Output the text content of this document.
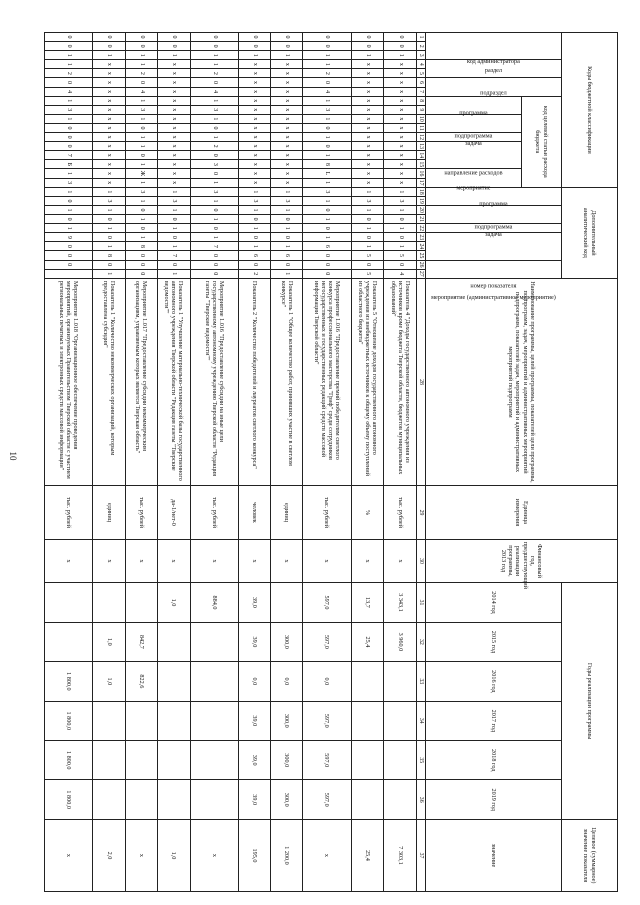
10
Коды бюджетной классификации																	Дополнительный аналитический код										Наименование программы, целей программы, показателей цели программы, подпрограмм, задач, мероприятий и административных мероприятий подпрограмм, показателей задач, мероприятий и административных мероприятий подпрограмм	Единица измерения	Финансовый год, предшествующий реализации программы, 2013 год	Годы реализации программы						Целевое (суммарное) значение показателя
код администратора			раздел		подраздел		код целевой статьи расхода бюджета										программа		подпрограмма		задача	мероприятие (административное мероприятие)			номер показателя					2014 год	2015 год	2016 год	2017 год	2018 год	2019 год	значение
							программа		подпрограмма		задача	направление расходов			мероприятие																					
1	2	3	4	5	6	7	8	9	10	11	12	13	14	15	16	17	18	19	20	21	22	23	24	25	26	27	28	29	30	31	32	33	34	35	36	37
0	0	1	x	x	x	x	x	x	x	x	x	x	x	x	x	x	1	3	1	0	1	0	1	5	0	4	Показатель 4 "Доходы государственного автономного учреждения из источников кроме бюджета Тверской области, бюджетов муниципальных образований"	тыс. рублей	x	3 343,1	3 960,0					7 303,1
0	0	1	x	x	x	x	x	x	x	x	x	x	x	x	x	x	1	3	1	0	1	0	1	5	0	5	Показатель 5 "Отношение доходов государственного автономного учреждения из внебюджетных источников к общему объему поступлений из областного бюджета"	%	x	13,7	25,4					25,4
0	0	1	1	2	0	4	1	3	1	0	1	0	1	8	L	1	3	1	0	1	0	1	6	0	0	0	Мероприятие 1.016 "Предоставление премий победителям светлого конкурса профессионального мастерства "Гриф" среди сотрудников негосударственных и государственных редакций средств массовой информации Тверской области"	тыс. рублей	x	597,0	597,0	0,0	597,0	597,0	597,0	x
0	0	1	x	x	x	x	x	x	x	x	x	x	x	x	x	x	1	3	1	0	1	0	1	6	0	1	Показатель 1 "Общее количество работ, принявших участие в светлом конкурсе"	единиц	x		300,0	0,0	300,0	300,0	300,0	1 200,0
0	0	1	x	x	x	x	x	x	x	x	x	x	x	x	x	x	1	3	1	0	1	0	1	6	0	2	Показатель 2 "Количество победителей и лауреатов светлого конкурса"	человек	x	39,0	39,0	0,0	39,0	39,0	39,0	195,0
0	0	1	1	2	0	4	1	3	1	0	1	2	0	3	0	1	3	1	0	1	0	1	7	0	0	0	Мероприятие 1.016 "Предоставление субсидии на иные цели государственному автономному учреждению Тверской области "Редакция газеты "Тверские ведомости""	тыс. рублей	x	884,0						x
0	0	1	x	x	x	x	x	x	x	x	x	x	x	x	x	x	1	3	1	0	1	0	1	7	0	1	Показатель 1 "Улучшение материально-технической базы государственного автономного учреждения Тверской области "Редакция газеты "Тверские ведомости""	да-1/нет-0	x	1,0						1,0
0	0	1	1	2	0	4	1	3	1	0	1	1	0	1	Ж	1	3	1	0	1	0	1	8	0	0	0	Мероприятие 1.017 "Предоставление субсидии некоммерческим организациям, управляемым которых является Тверская область"	тыс. рублей	x		842,7	822,6				x
0	0	1	x	x	x	x	x	x	x	x	x	x	x	x	x	x	1	3	1	0	1	0	1	8	0	1	Показатель 1 "Количество некоммерческих организаций, которым предоставлена субсидия"	единиц	x		1,0	1,0				2,0
0	0	1	1	2	0	4	1	3	1	0	0	0	7	Б	1	3	1	0	1	0	1	9	0	0	0		Мероприятие 1.018 "Организационное обеспечение проведения мероприятий, организуемых Правительством Тверской области с участием региональных печатных и электронных средств массовой информации"	тыс. рублей	x			1 800,0	1 800,0	1 800,0	1 800,0	x
